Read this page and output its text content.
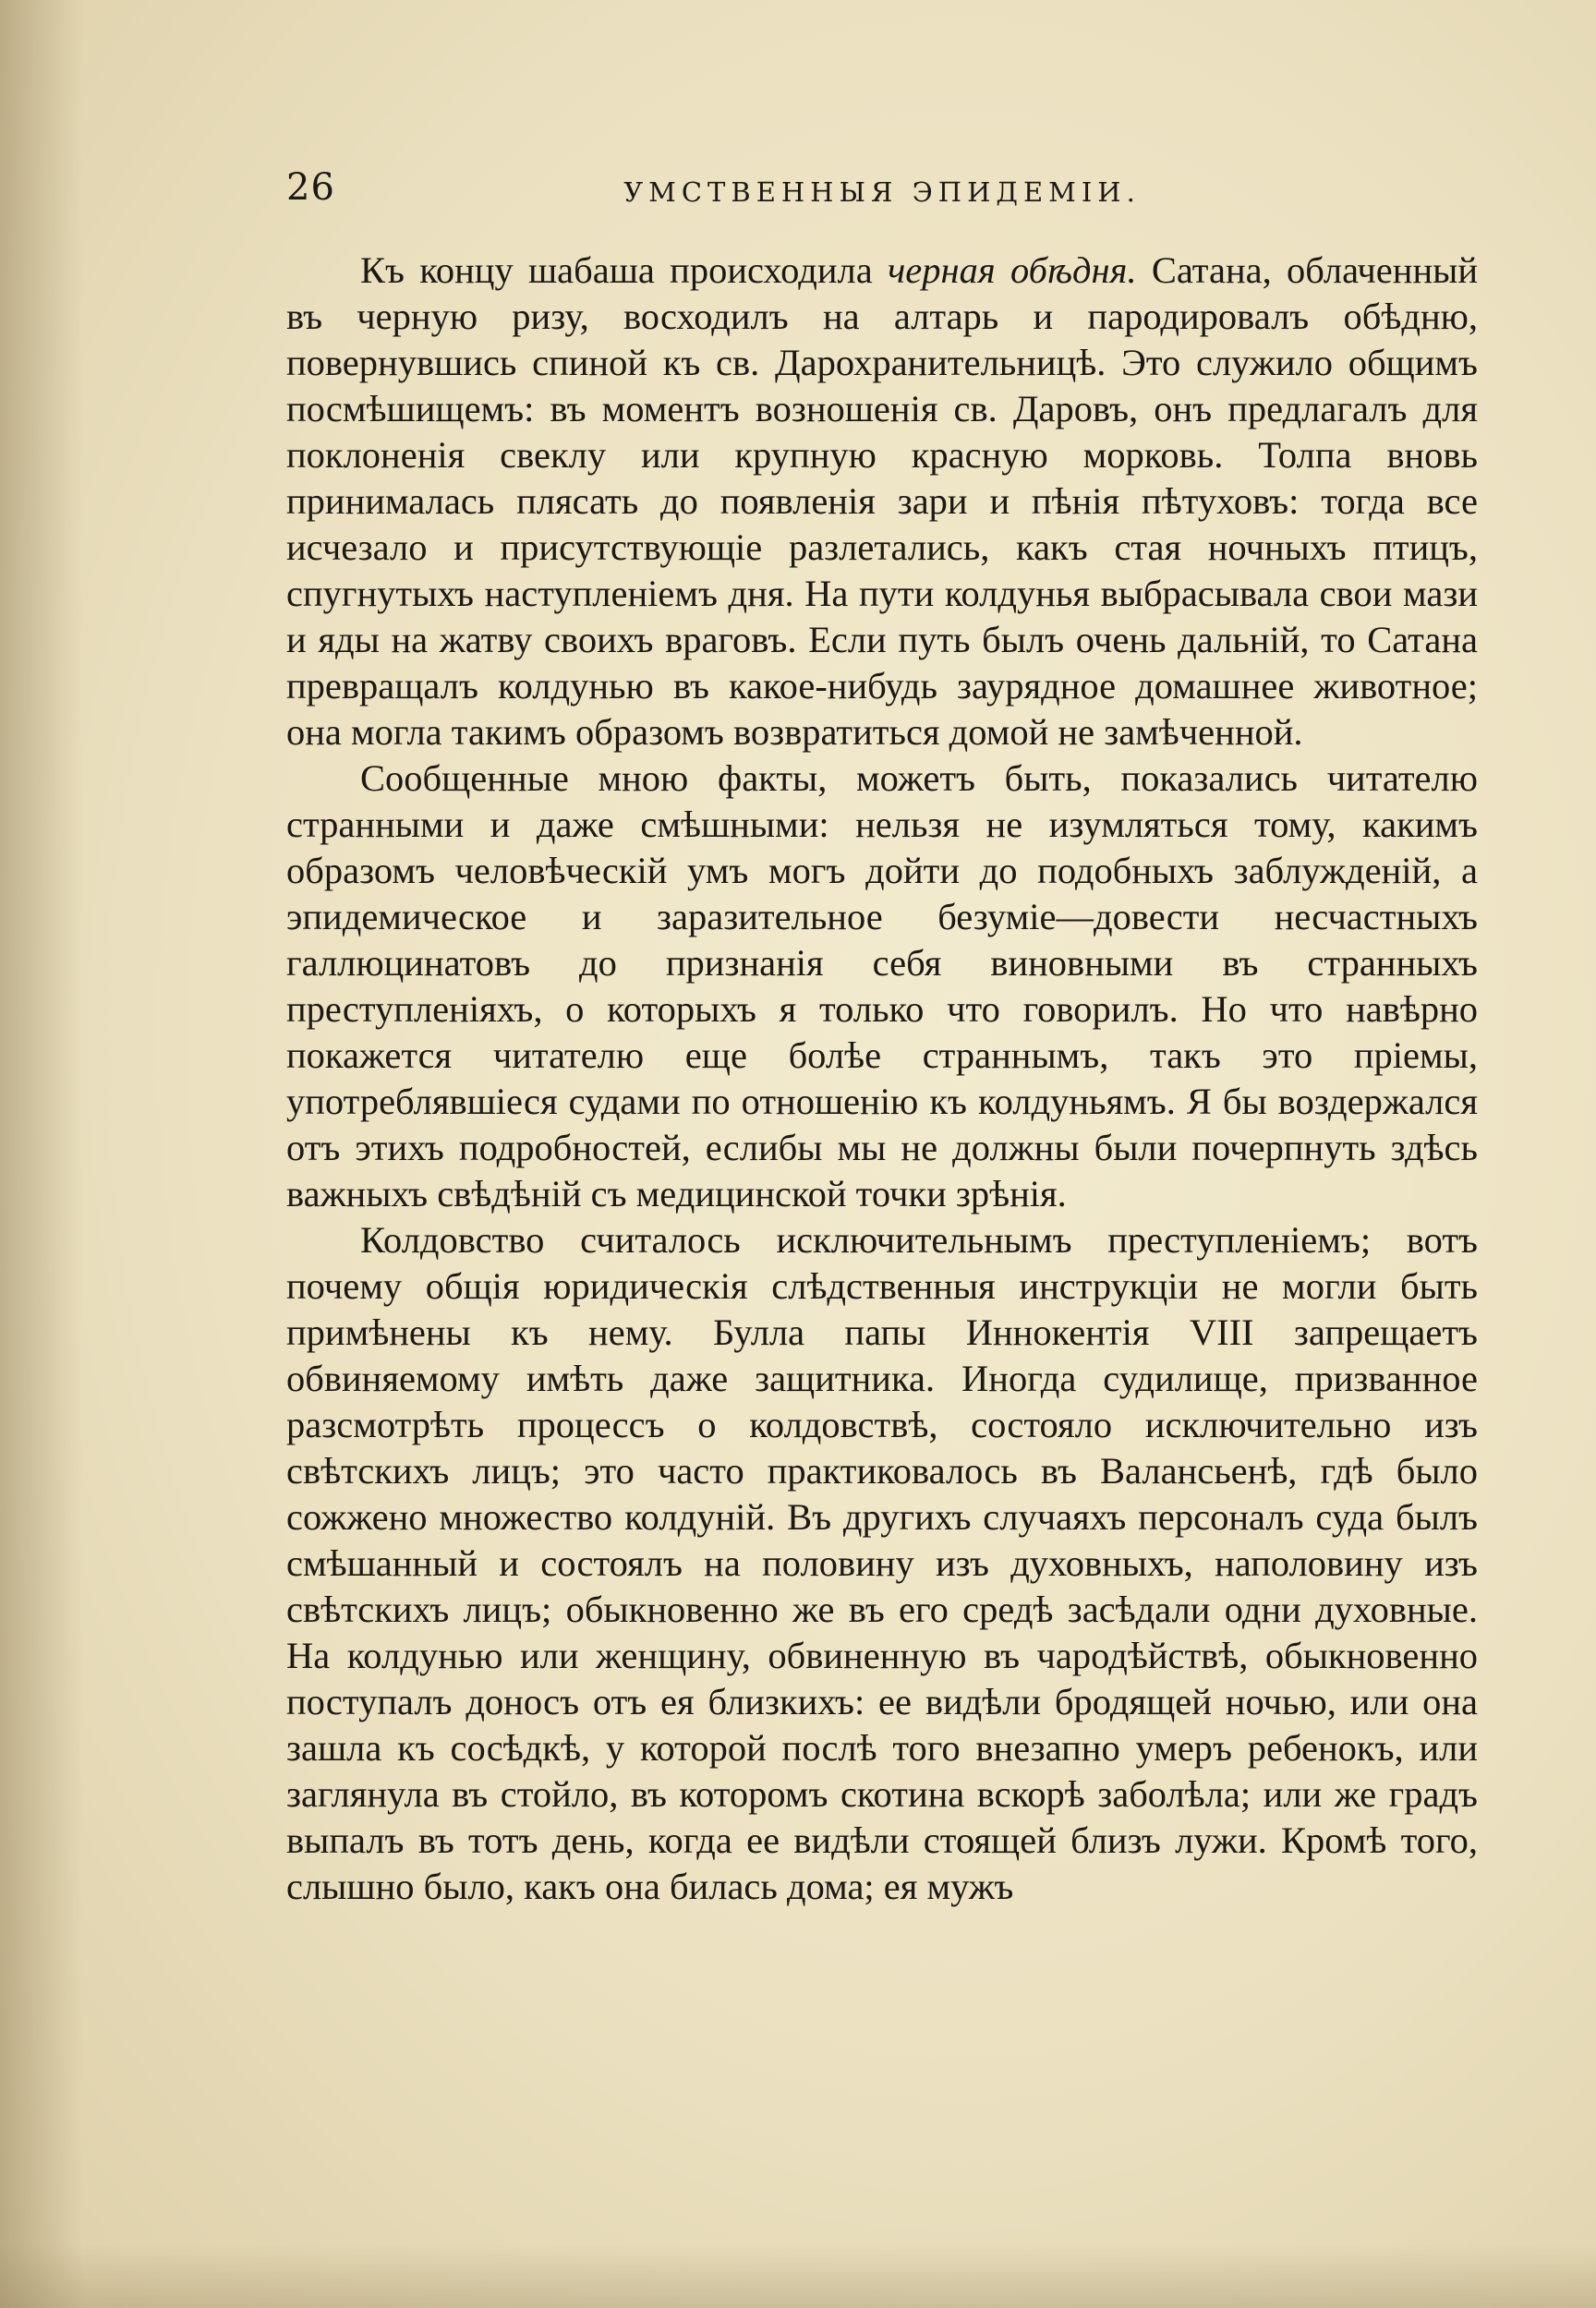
26	УМСТВЕННЫЯ ЭПИДЕМІИ.

Къ концу шабаша происходила черная обѣдня. Сатана, облаченный въ черную ризу, восходилъ на алтарь и пародировалъ обѣдню, повернувшись спиной къ св. Дарохранительницѣ. Это служило общимъ посмѣшищемъ: въ моментъ возношенія св. Даровъ, онъ предлагалъ для поклоненія свеклу или крупную красную морковь. Толпа вновь принималась плясать до появленія зари и пѣнія пѣтуховъ: тогда все исчезало и присутствующіе разлетались, какъ стая ночныхъ птицъ, спугнутыхъ наступленіемъ дня. На пути колдунья выбрасывала свои мази и яды на жатву своихъ враговъ. Если путь былъ очень дальній, то Сатана превращалъ колдунью въ какое-нибудь заурядное домашнее животное; она могла такимъ образомъ возвратиться домой не замѣченной.

Сообщенные мною факты, можетъ быть, показались читателю странными и даже смѣшными: нельзя не изумляться тому, какимъ образомъ человѣческій умъ могъ дойти до подобныхъ заблужденій, а эпидемическое и заразительное безуміе—довести несчастныхъ галлюцинатовъ до признанія себя виновными въ странныхъ преступленіяхъ, о которыхъ я только что говорилъ. Но что навѣрно покажется читателю еще болѣе страннымъ, такъ это пріемы, употреблявшіеся судами по отношенію къ колдуньямъ. Я бы воздержался отъ этихъ подробностей, еслибы мы не должны были почерпнуть здѣсь важныхъ свѣдѣній съ медицинской точки зрѣнія.

Колдовство считалось исключительнымъ преступленіемъ; вотъ почему общія юридическія слѣдственныя инструкціи не могли быть примѣнены къ нему. Булла папы Иннокентія VIII запрещаетъ обвиняемому имѣть даже защитника. Иногда судилище, призванное разсмотрѣть процессъ о колдовствѣ, состояло исключительно изъ свѣтскихъ лицъ; это часто практиковалось въ Валансьенѣ, гдѣ было сожжено множество колдуній. Въ другихъ случаяхъ персоналъ суда былъ смѣшанный и состоялъ на половину изъ духовныхъ, наполовину изъ свѣтскихъ лицъ; обыкновенно же въ его средѣ засѣдали одни духовные. На колдунью или женщину, обвиненную въ чародѣйствѣ, обыкновенно поступалъ доносъ отъ ея близкихъ: ее видѣли бродящей ночью, или она зашла къ сосѣдкѣ, у которой послѣ того внезапно умеръ ребенокъ, или заглянула въ стойло, въ которомъ скотина вскорѣ заболѣла; или же градъ выпалъ въ тотъ день, когда ее видѣли стоящей близъ лужи. Кромѣ того, слышно было, какъ она билась дома; ея мужъ
